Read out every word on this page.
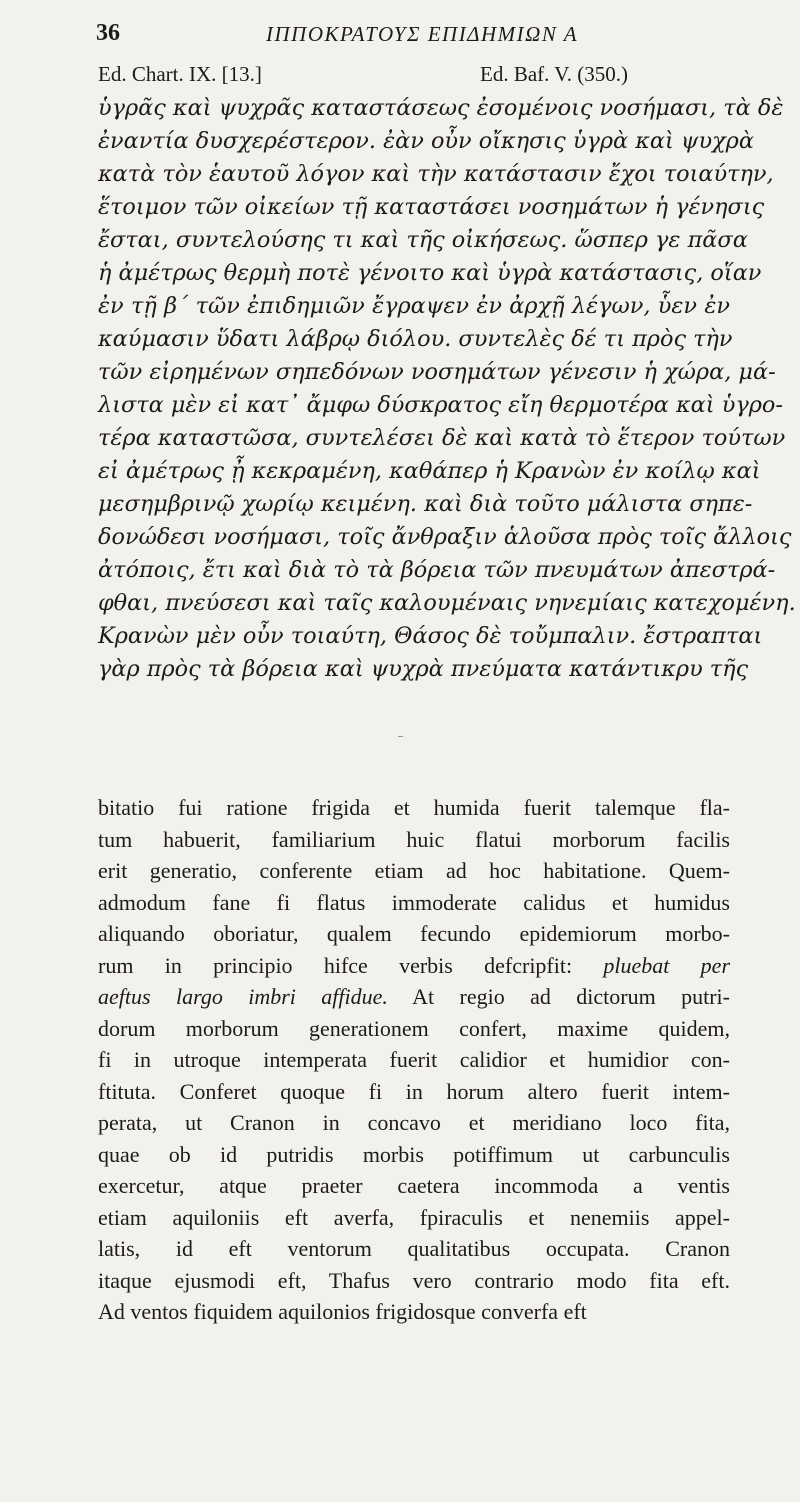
36	ΙΠΠΟΚΡΑΤΟΥΣ ΕΠΙΔΗΜΙΩΝ Α
Ed. Chart. IX. [13.]	Ed. Baf. V. (350.)
ὑγρᾶς καὶ ψυχρᾶς καταστάσεως ἐσομένοις νοσήμασι, τὰ δὲ
ἐναντία δυσχερέστερον. ἐὰν οὖν οἴκησις ὑγρὰ καὶ ψυχρὰ
κατὰ τὸν ἑαυτοῦ λόγον καὶ τὴν κατάστασιν ἔχοι τοιαύτην,
ἕτοιμον τῶν οἰκείων τῇ καταστάσει νοσημάτων ἡ γένησις
ἔσται, συντελούσης τι καὶ τῆς οἰκήσεως. ὥσπερ γε πᾶσα
ἡ ἀμέτρως θερμὴ ποτὲ γένοιτο καὶ ὑγρὰ κατάστασις, οἵαν
ἐν τῇ β´ τῶν ἐπιδημιῶν ἔγραψεν ἐν ἀρχῇ λέγων, ὗεν ἐν
καύμασιν ὕδατι λάβρῳ διόλου. συντελὲς δέ τι πρὸς τὴν
τῶν εἰρημένων σηπεδόνων νοσημάτων γένεσιν ἡ χώρα, μά-
λιστα μὲν εἰ κατ᾽ ἄμφω δύσκρατος εἴη θερμοτέρα καὶ ὑγρο-
τέρα καταστῶσα, συντελέσει δὲ καὶ κατὰ τὸ ἕτερον τούτων
εἰ ἀμέτρως ᾖ κεκραμένη, καθάπερ ἡ Κρανὼν ἐν κοίλῳ καὶ
μεσημβρινῷ χωρίῳ κειμένη. καὶ διὰ τοῦτο μάλιστα σηπε-
δονώδεσι νοσήμασι, τοῖς ἄνθραξιν ἁλοῦσα πρὸς τοῖς ἄλλοις
ἀτόποις, ἔτι καὶ διὰ τὸ τὰ βόρεια τῶν πνευμάτων ἀπεστρά-
φθαι, πνεύσεσι καὶ ταῖς καλουμέναις νηνεμίαις κατεχομένη.
Κρανὼν μὲν οὖν τοιαύτη, Θάσος δὲ τοὔμπαλιν. ἔστραπται
γὰρ πρὸς τὰ βόρεια καὶ ψυχρὰ πνεύματα κατάντικρυ τῆς
bitatio fui ratione frigida et humida fuerit talemque fla-
tum habuerit, familiarium huic flatui morborum facilis
erit generatio, conferente etiam ad hoc habitatione. Quem-
admodum fane fi flatus immoderate calidus et humidus
aliquando oboriatur, qualem fecundo epidemiorum morbo-
rum in principio hifce verbis defcripfit: pluebat per
aeftus largo imbri affidue. At regio ad dictorum putri-
dorum morborum generationem confert, maxime quidem,
fi in utroque intemperata fuerit calidior et humidior con-
ftituta. Conferet quoque fi in horum altero fuerit intem-
perata, ut Cranon in concavo et meridiano loco fita,
quae ob id putridis morbis potiffimum ut carbunculis
exercetur, atque praeter caetera incommoda a ventis
etiam aquiloniis eft averfa, fpiraculis et nenemiis appel-
latis, id eft ventorum qualitatibus occupata. Cranon
itaque ejusmodi eft, Thafus vero contrario modo fita eft.
Ad ventos fiquidem aquilonios frigidosque converfa eft
